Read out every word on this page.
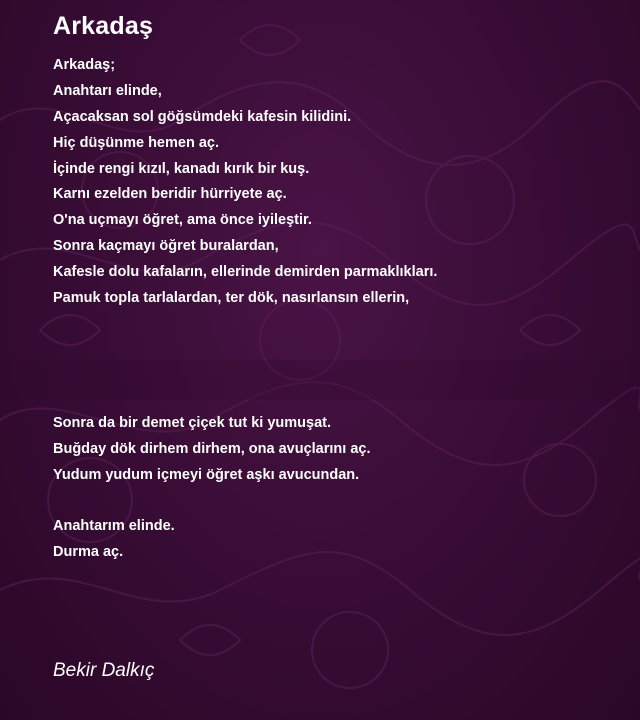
Arkadaş
Arkadaş;
Anahtarı elinde,
Açacaksan sol göğsümdeki kafesin kilidini.
Hiç düşünme hemen aç.
İçinde rengi kızıl, kanadı kırık bir kuş.
Karnı ezelden beridir hürriyete aç.
O'na uçmayı öğret, ama önce iyileştir.
Sonra kaçmayı öğret buralardan,
Kafesle dolu kafaların, ellerinde demirden parmaklıkları.
Pamuk topla tarlalardan, ter dök, nasırlansın ellerin,
Sonra da bir demet çiçek tut ki yumuşat.
Buğday dök dirhem dirhem, ona avuçlarını aç.
Yudum yudum içmeyi öğret aşkı avucundan.
Anahtarım elinde.
Durma aç.
Bekir Dalkıç
